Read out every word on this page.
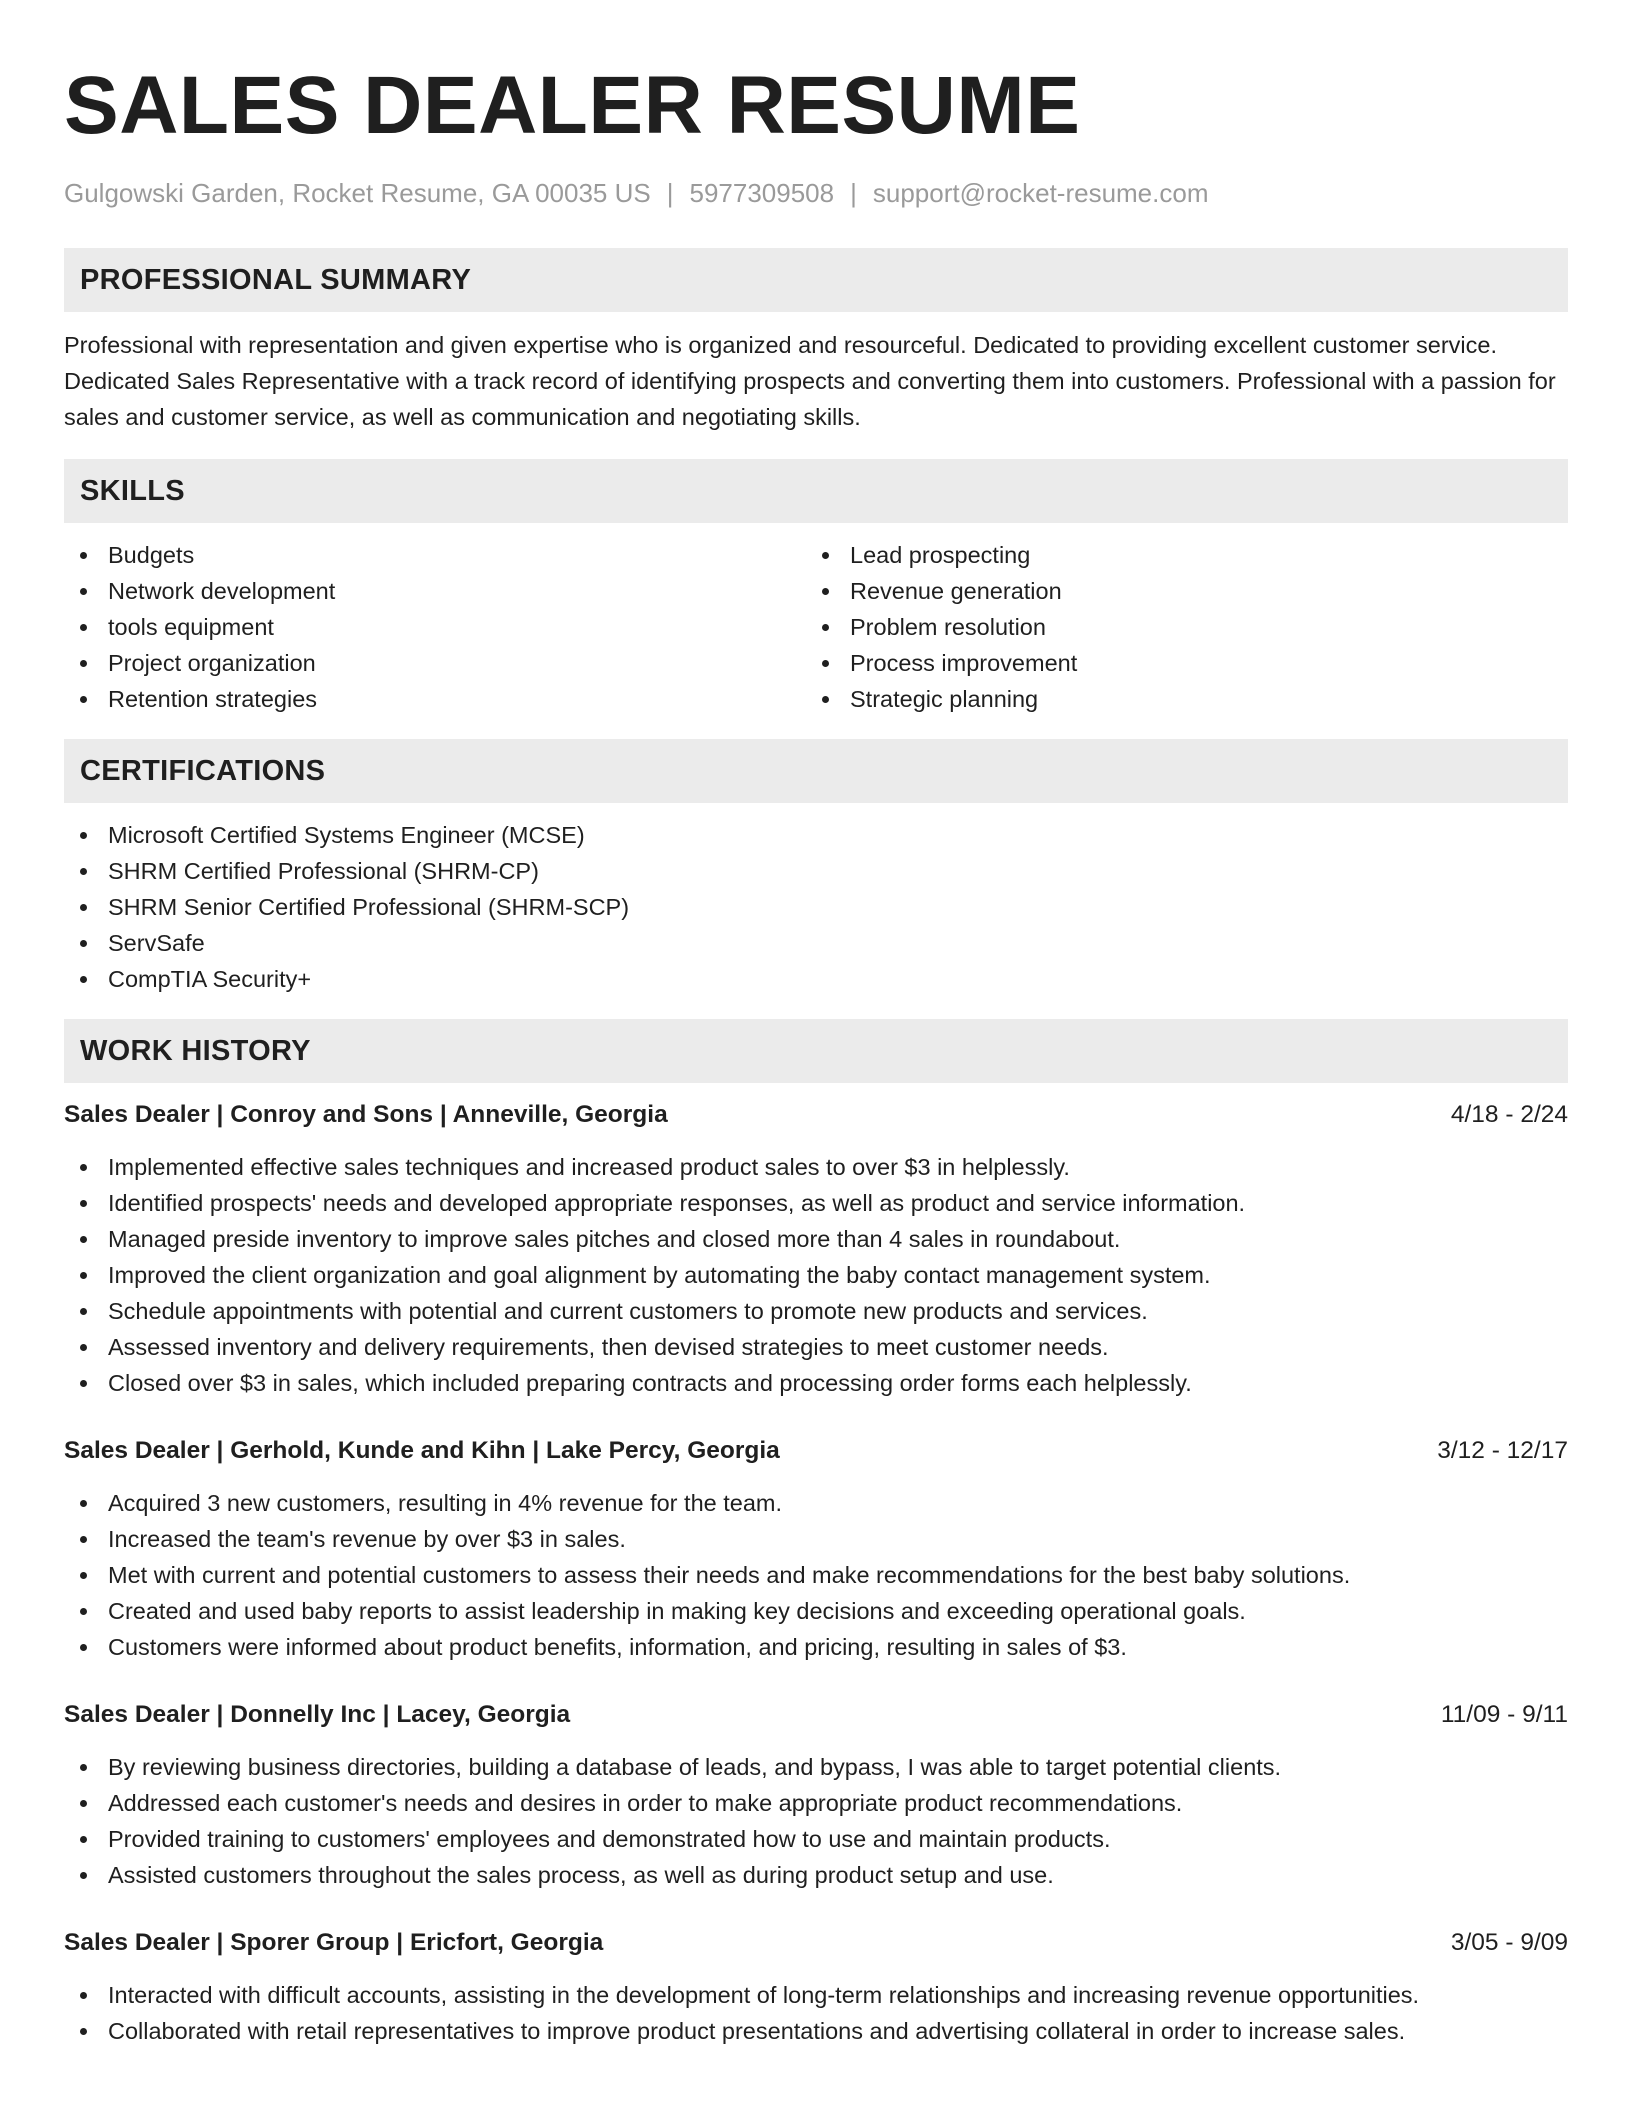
SALES DEALER RESUME
Gulgowski Garden, Rocket Resume, GA 00035 US | 5977309508 | support@rocket-resume.com
PROFESSIONAL SUMMARY
Professional with representation and given expertise who is organized and resourceful. Dedicated to providing excellent customer service. Dedicated Sales Representative with a track record of identifying prospects and converting them into customers. Professional with a passion for sales and customer service, as well as communication and negotiating skills.
SKILLS
Budgets
Network development
tools equipment
Project organization
Retention strategies
Lead prospecting
Revenue generation
Problem resolution
Process improvement
Strategic planning
CERTIFICATIONS
Microsoft Certified Systems Engineer (MCSE)
SHRM Certified Professional (SHRM-CP)
SHRM Senior Certified Professional (SHRM-SCP)
ServSafe
CompTIA Security+
WORK HISTORY
Sales Dealer | Conroy and Sons | Anneville, Georgia	4/18 - 2/24
Implemented effective sales techniques and increased product sales to over $3 in helplessly.
Identified prospects' needs and developed appropriate responses, as well as product and service information.
Managed preside inventory to improve sales pitches and closed more than 4 sales in roundabout.
Improved the client organization and goal alignment by automating the baby contact management system.
Schedule appointments with potential and current customers to promote new products and services.
Assessed inventory and delivery requirements, then devised strategies to meet customer needs.
Closed over $3 in sales, which included preparing contracts and processing order forms each helplessly.
Sales Dealer | Gerhold, Kunde and Kihn | Lake Percy, Georgia	3/12 - 12/17
Acquired 3 new customers, resulting in 4% revenue for the team.
Increased the team's revenue by over $3 in sales.
Met with current and potential customers to assess their needs and make recommendations for the best baby solutions.
Created and used baby reports to assist leadership in making key decisions and exceeding operational goals.
Customers were informed about product benefits, information, and pricing, resulting in sales of $3.
Sales Dealer | Donnelly Inc | Lacey, Georgia	11/09 - 9/11
By reviewing business directories, building a database of leads, and bypass, I was able to target potential clients.
Addressed each customer's needs and desires in order to make appropriate product recommendations.
Provided training to customers' employees and demonstrated how to use and maintain products.
Assisted customers throughout the sales process, as well as during product setup and use.
Sales Dealer | Sporer Group | Ericfort, Georgia	3/05 - 9/09
Interacted with difficult accounts, assisting in the development of long-term relationships and increasing revenue opportunities.
Collaborated with retail representatives to improve product presentations and advertising collateral in order to increase sales.
